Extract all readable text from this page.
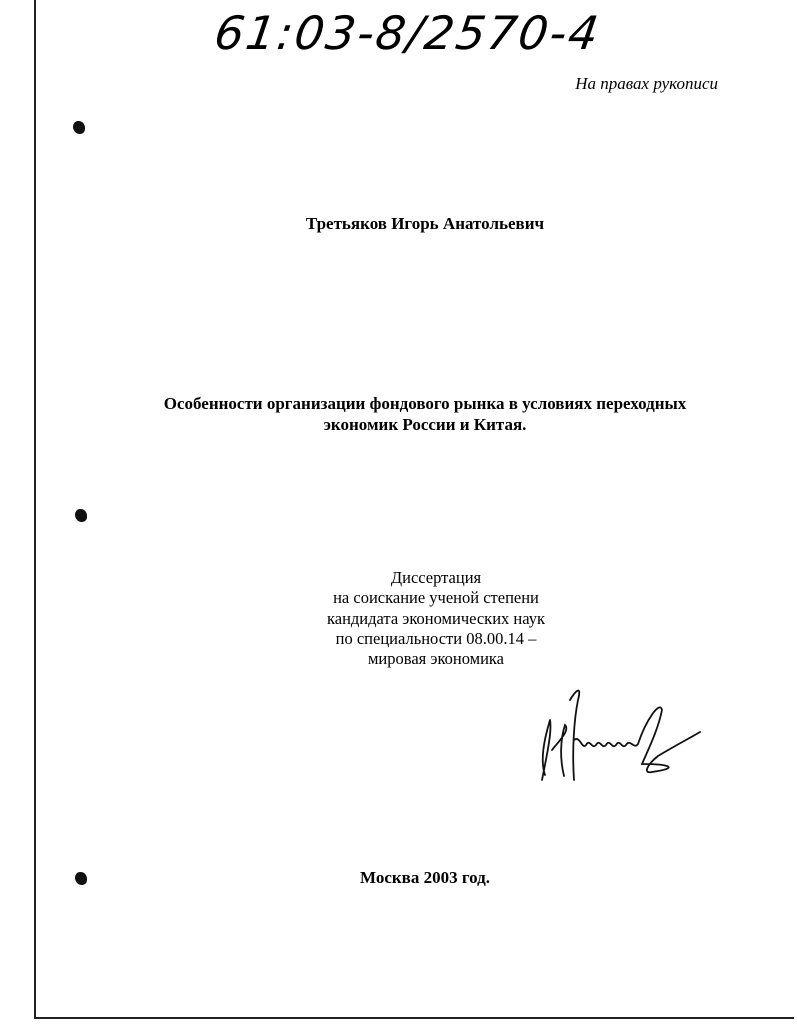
61:03-8/2570-4
На правах рукописи
Третьяков Игорь Анатольевич
Особенности организации фондового рынка в условиях переходных
экономик России и Китая.
Диссертация
на соискание ученой степени
кандидата экономических наук
по специальности 08.00.14 –
мировая экономика
Москва 2003 год.
